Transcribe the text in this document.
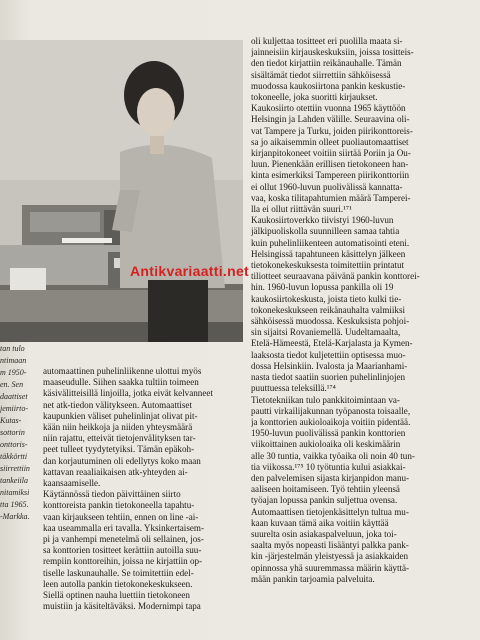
Antikvariaatti.net
tan tulo
ntimaan
m 1950-
en. Sen
daattiset
jemiirto-
Kutas-
sottorin
onttoris-
täkkörtti
siirrettiin
tankeiila
nitamiksi
tta 1965.
-Markka.
automaattinen puhelinliikenne ulottui myös
maaseudulle. Siihen saakka tultiin toimeen
käsivälitteisillä linjoilla, jotka eivät kelvanneet
net atk-tiedon välitykseen. Automaattiset
kaupunkien väliset puhelinlinjat olivat pit-
kään niin heikkoja ja niiden yhteysmäärä
niin rajattu, etteivät tietojenvälityksen tar-
peet tulleet tyydytetyiksi. Tämän epäkoh-
dan korjautuminen oli edellytys koko maan
kattavan reaaliaikaisen atk-yhteyden ai-
kaansaamiselle.
Käytännössä tiedon päivittäinen siirto
konttoreista pankin tietokoneella tapahtu-
vaan kirjaukseen tehtiin, ennen on line -ai-
kaa useammalla eri tavalla. Yksinkertaisem-
pi ja vanhempi menetelmä oli sellainen, jos-
sa konttorien tositteet kerättiin autoilla suu-
rempiin konttoreihin, joissa ne kirjattiin op-
tiselle laskunauhalle. Se toimitettiin edel-
leen autolla pankin tietokonekeskukseen.
Siellä optinen nauha luettiin tietokoneen
muistiin ja käsiteltäväksi. Modernimpi tapa
oli kuljettaa tositteet eri puolilla maata si-
jainneisiin kirjauskeskuksiin, joissa tositteis-
den tiedot kirjattiin reikänauhalle. Tämän
sisältämät tiedot siirrettiin sähköisessä
muodossa kaukosiirtona pankin keskustie-
tokoneelle, joka suoritti kirjaukset.
Kaukosiirto otettiin vuonna 1965 käyttöön
Helsingin ja Lahden välille. Seuraavina oli-
vat Tampere ja Turku, joiden piirikonttoreis-
sa jo aikaisemmin olleet puoliautomaattiset
kirjanpitokoneet voitiin siirtää Poriin ja Ou-
luun. Pienenkään erillisen tietokoneen han-
kinta esimerkiksi Tampereen piirikonttoriin
ei ollut 1960-luvun puolivälissä kannatta-
vaa, koska tilitapahtumien määrä Tamperei-
lla ei ollut riittävän suuri.¹⁷¹
Kaukosiirtoverkko tiivistyi 1960-luvun
jälkipuoliskolla suunnilleen samaa tahtia
kuin puhelinliikenteen automatisointi eteni.
Helsingissä tapahtuneen käsittelyn jälkeen
tietokonekeskuksesta toimitettiin printatut
tiliotteet seuraavana päivänä pankin konttorei-
hin. 1960-luvun lopussa pankilla oli 19
kaukosiirtokeskusta, joista tieto kulki tie-
tokonekeskukseen reikänauhalta valmiiksi
sähköisessä muodossa. Keskuksista pohjoi-
sin sijaitsi Rovaniemellä. Uudeltamaalta,
Etelä-Hämeestä, Etelä-Karjalasta ja Kymen-
laaksosta tiedot kuljetettiin optisessa muo-
dossa Helsinkiin. Ivalosta ja Maarianhami-
nasta tiedot saatiin suorien puhelinlinjojen
puuttuessa teleksillä.¹⁷⁴
Tietotekniikan tulo pankkitoimintaan va-
pautti virkailijakunnan työpanosta toisaalle,
ja konttorien aukioloaikoja voitiin pidentää.
1950-luvun puolivälissä pankin konttorien
viikoittainen aukioloaika oli keskimäärin
alle 30 tuntia, vaikka työaika oli noin 40 tun-
tia viikossa.¹⁷⁵ 10 työtuntia kului asiakkai-
den palvelemisen sijasta kirjanpidon manu-
aaliseen hoitamiseen. Työ tehtiin yleensä
työajan lopussa pankin suljettua ovensa.
Automaattisen tietojenkäsittelyn tultua mu-
kaan kuvaan tämä aika voitiin käyttää
suurelta osin asiakaspalveluun, joka toi-
saalta myös nopeasti lisääntyi palkka pank-
kin -järjestelmän yleistyessä ja asiakkaiden
opinnossa yhä suuremmassa määrin käyttä-
mään pankin tarjoamia palveluita.
